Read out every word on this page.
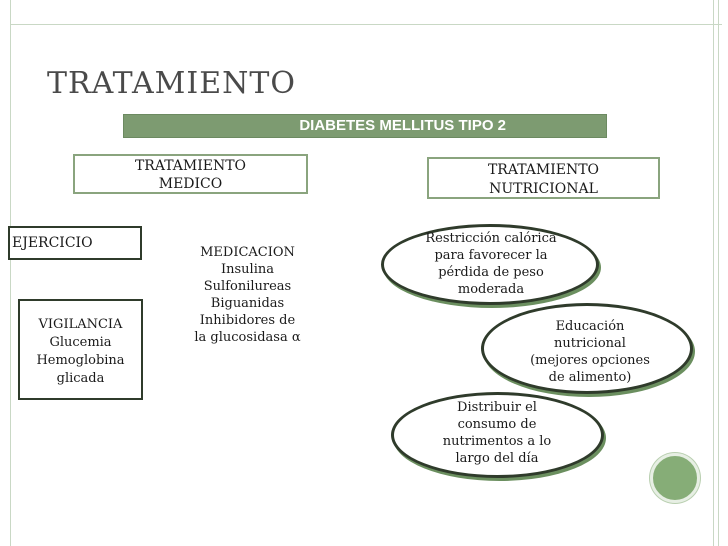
TRATAMIENTO
DIABETES MELLITUS TIPO 2
TRATAMIENTO
MEDICO
TRATAMIENTO
NUTRICIONAL
EJERCICIO
VIGILANCIA
Glucemia
Hemoglobina
glicada
MEDICACION
Insulina
Sulfonilureas
Biguanidas
Inhibidores de
la glucosidasa α
Restricción calórica
para favorecer la
pérdida de peso
moderada
Educación
nutricional
(mejores opciones
de alimento)
Distribuir el
consumo de
nutrimentos a lo
largo del día
